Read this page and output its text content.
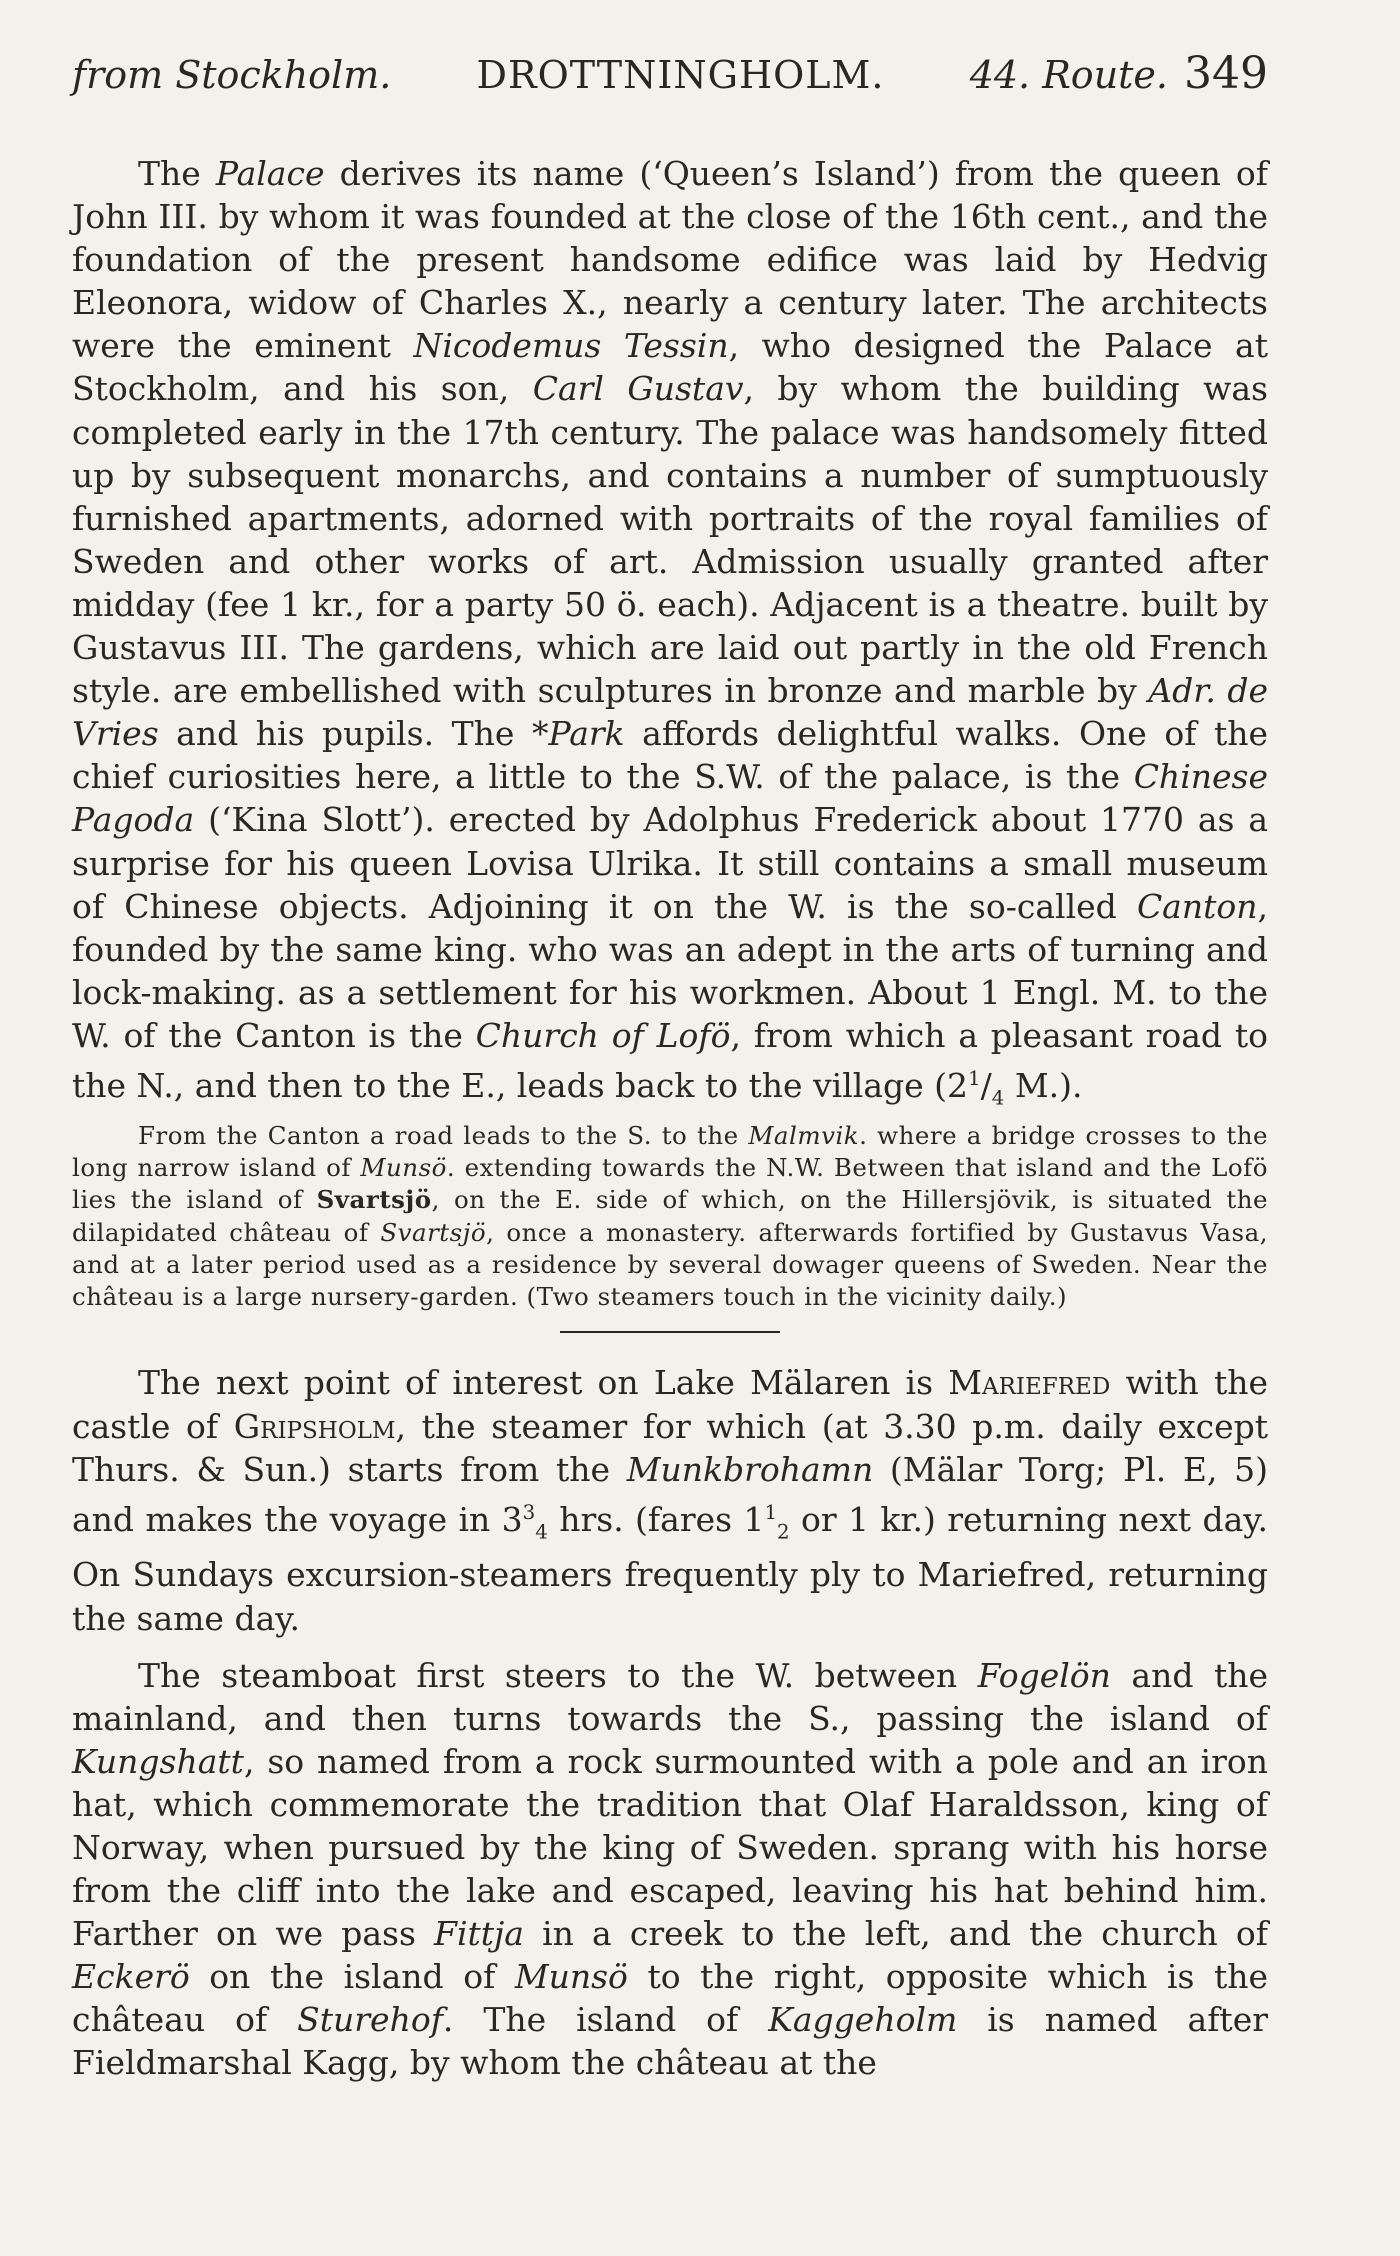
from Stockholm. DROTTNINGHOLM. 44. Route. 349

The Palace derives its name (‘Queen’s Island’) from the queen of John III. by whom it was founded at the close of the 16th cent., and the foundation of the present handsome edifice was laid by Hedvig Eleonora, widow of Charles X., nearly a century later. The architects were the eminent Nicodemus Tessin, who designed the Palace at Stockholm, and his son, Carl Gustav, by whom the building was completed early in the 17th century. The palace was handsomely fitted up by subsequent monarchs, and contains a number of sumptuously furnished apartments, adorned with portraits of the royal families of Sweden and other works of art. Admission usually granted after midday (fee 1 kr., for a party 50 ö. each). Adjacent is a theatre. built by Gustavus III. The gardens, which are laid out partly in the old French style. are embellished with sculptures in bronze and marble by Adr. de Vries and his pupils. The *Park affords delightful walks. One of the chief curiosities here, a little to the S.W. of the palace, is the Chinese Pagoda (‘Kina Slott’). erected by Adolphus Frederick about 1770 as a surprise for his queen Lovisa Ulrika. It still contains a small museum of Chinese objects. Adjoining it on the W. is the so-called Canton, founded by the same king. who was an adept in the arts of turning and lock-making. as a settlement for his workmen. About 1 Engl. M. to the W. of the Canton is the Church of Lofö, from which a pleasant road to the N., and then to the E., leads back to the village ($2^1/_4$ M.).

From the Canton a road leads to the S. to the Malmvik. where a bridge crosses to the long narrow island of Munsö. extending towards the N.W. Between that island and the Lofö lies the island of Svartsjö, on the E. side of which, on the Hillersjövik, is situated the dilapidated château of Svartsjö, once a monastery. afterwards fortified by Gustavus Vasa, and at a later period used as a residence by several dowager queens of Sweden. Near the château is a large nursery-garden. (Two steamers touch in the vicinity daily.)

The next point of interest on Lake Mälaren is Mariefred with the castle of Gripsholm, the steamer for which (at 3.30 p.m. daily except Thurs. & Sun.) starts from the Munkbrohamn (Mälar Torg; Pl. E, 5) and makes the voyage in $3^3_4$ hrs. (fares $1^1_2$ or 1 kr.) returning next day. On Sundays excursion-steamers frequently ply to Mariefred, returning the same day.

The steamboat first steers to the W. between Fogelön and the mainland, and then turns towards the S., passing the island of Kungshatt, so named from a rock surmounted with a pole and an iron hat, which commemorate the tradition that Olaf Haraldsson, king of Norway, when pursued by the king of Sweden. sprang with his horse from the cliff into the lake and escaped, leaving his hat behind him. Farther on we pass Fittja in a creek to the left, and the church of Eckerö on the island of Munsö to the right, opposite which is the château of Sturehof. The island of Kaggeholm is named after Fieldmarshal Kagg, by whom the château at the
